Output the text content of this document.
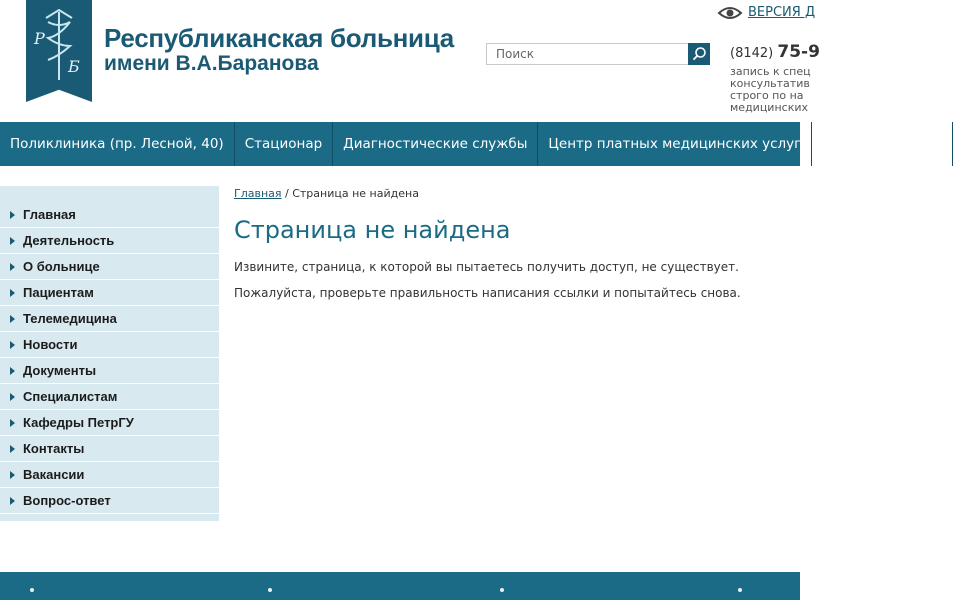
Р
Б
Республиканская больница
имени В.А.Баранова
Поиск
ВЕРСИЯ Д
(8142) 75-9
запись к спец
консультатив
строго по на
медицинских
Поликлиника (пр. Лесной, 40)	Стационар	Диагностические службы	Центр платных медицинских услуг	Медицинские це
Главная
Деятельность
О больнице
Пациентам
Телемедицина
Новости
Документы
Специалистам
Кафедры ПетрГУ
Контакты
Вакансии
Вопрос-ответ
Главная / Страница не найдена
Страница не найдена

Извините, страница, к которой вы пытаетесь получить доступ, не существует.

Пожалуйста, проверьте правильность написания ссылки и попытайтесь снова.
